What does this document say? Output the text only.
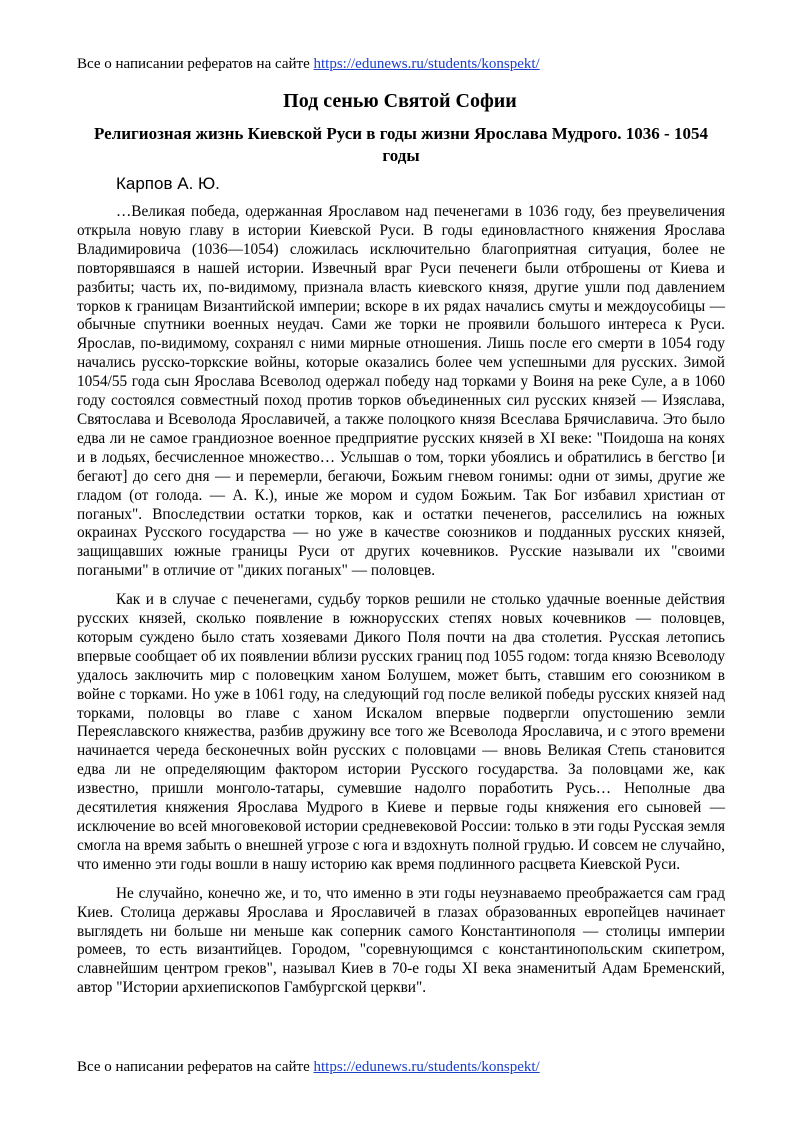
Все о написании рефератов на сайте https://edunews.ru/students/konspekt/
Под сенью Святой Софии
Религиозная жизнь Киевской Руси в годы жизни Ярослава Мудрого. 1036 - 1054 годы
Карпов А. Ю.

…Великая победа, одержанная Ярославом над печенегами в 1036 году, без преувеличения открыла новую главу в истории Киевской Руси. В годы единовластного княжения Ярослава Владимировича (1036—1054) сложилась исключительно благоприятная ситуация, более не повторявшаяся в нашей истории. Извечный враг Руси печенеги были отброшены от Киева и разбиты; часть их, по-видимому, признала власть киевского князя, другие ушли под давлением торков к границам Византийской империи; вскоре в их рядах начались смуты и междоусобицы — обычные спутники военных неудач. Сами же торки не проявили большого интереса к Руси. Ярослав, по-видимому, сохранял с ними мирные отношения. Лишь после его смерти в 1054 году начались русско-торкские войны, которые оказались более чем успешными для русских. Зимой 1054/55 года сын Ярослава Всеволод одержал победу над торками у Воиня на реке Суле, а в 1060 году состоялся совместный поход против торков объединенных сил русских князей — Изяслава, Святослава и Всеволода Ярославичей, а также полоцкого князя Всеслава Брячиславича. Это было едва ли не самое грандиозное военное предприятие русских князей в XI веке: "Поидоша на конях и в лодьях, бесчисленное множество… Услышав о том, торки убоялись и обратились в бегство [и бегают] до сего дня — и перемерли, бегаючи, Божьим гневом гонимы: одни от зимы, другие же гладом (от голода. — А. К.), иные же мором и судом Божьим. Так Бог избавил христиан от поганых". Впоследствии остатки торков, как и остатки печенегов, расселились на южных окраинах Русского государства — но уже в качестве союзников и подданных русских князей, защищавших южные границы Руси от других кочевников. Русские называли их "своими погаными" в отличие от "диких поганых" — половцев.

Как и в случае с печенегами, судьбу торков решили не столько удачные военные действия русских князей, сколько появление в южнорусских степях новых кочевников — половцев, которым суждено было стать хозяевами Дикого Поля почти на два столетия. Русская летопись впервые сообщает об их появлении вблизи русских границ под 1055 годом: тогда князю Всеволоду удалось заключить мир с половецким ханом Болушем, может быть, ставшим его союзником в войне с торками. Но уже в 1061 году, на следующий год после великой победы русских князей над торками, половцы во главе с ханом Искалом впервые подвергли опустошению земли Переяславского княжества, разбив дружину все того же Всеволода Ярославича, и с этого времени начинается череда бесконечных войн русских с половцами — вновь Великая Степь становится едва ли не определяющим фактором истории Русского государства. За половцами же, как известно, пришли монголо-татары, сумевшие надолго поработить Русь… Неполные два десятилетия княжения Ярослава Мудрого в Киеве и первые годы княжения его сыновей — исключение во всей многовековой истории средневековой России: только в эти годы Русская земля смогла на время забыть о внешней угрозе с юга и вздохнуть полной грудью. И совсем не случайно, что именно эти годы вошли в нашу историю как время подлинного расцвета Киевской Руси.

Не случайно, конечно же, и то, что именно в эти годы неузнаваемо преображается сам град Киев. Столица державы Ярослава и Ярославичей в глазах образованных европейцев начинает выглядеть ни больше ни меньше как соперник самого Константинополя — столицы империи ромеев, то есть византийцев. Городом, "соревнующимся с константинопольским скипетром, славнейшим центром греков", называл Киев в 70-е годы XI века знаменитый Адам Бременский, автор "Истории архиепископов Гамбургской церкви".

Все о написании рефератов на сайте https://edunews.ru/students/konspekt/
